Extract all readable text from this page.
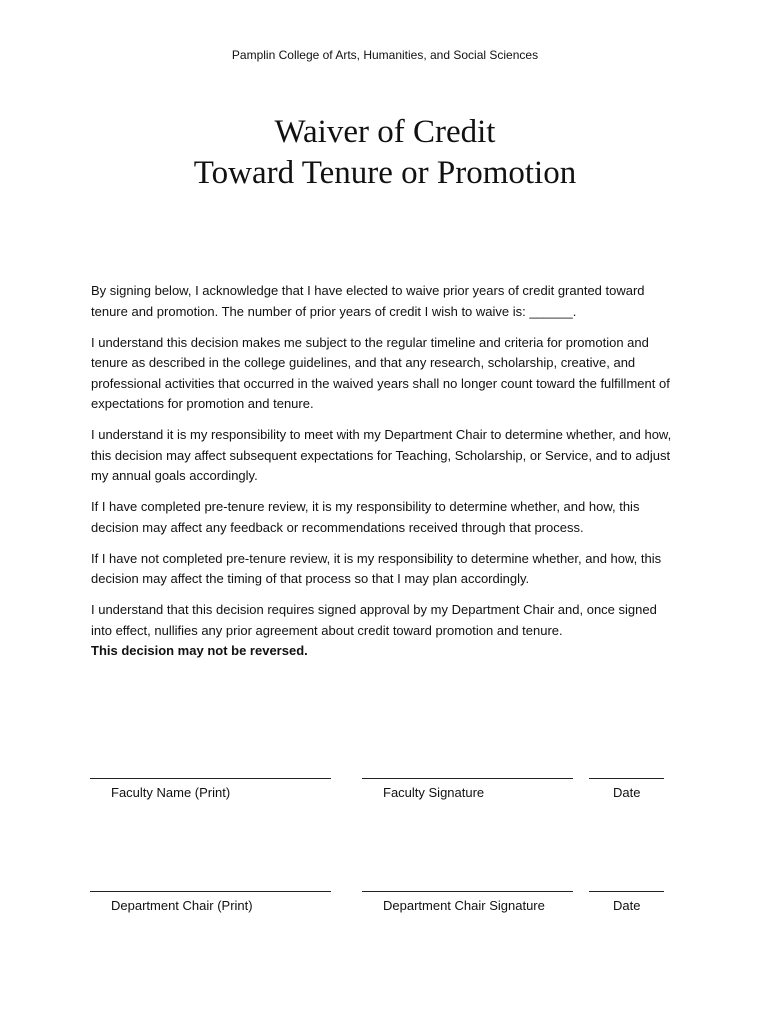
Pamplin College of Arts, Humanities, and Social Sciences
Waiver of Credit
Toward Tenure or Promotion

By signing below, I acknowledge that I have elected to waive prior years of credit granted toward tenure and promotion. The number of prior years of credit I wish to waive is: ______.

I understand this decision makes me subject to the regular timeline and criteria for promotion and tenure as described in the college guidelines, and that any research, scholarship, creative, and professional activities that occurred in the waived years shall no longer count toward the fulfillment of expectations for promotion and tenure.

I understand it is my responsibility to meet with my Department Chair to determine whether, and how, this decision may affect subsequent expectations for Teaching, Scholarship, or Service, and to adjust my annual goals accordingly.

If I have completed pre-tenure review, it is my responsibility to determine whether, and how, this decision may affect any feedback or recommendations received through that process.

If I have not completed pre-tenure review, it is my responsibility to determine whether, and how, this decision may affect the timing of that process so that I may plan accordingly.

I understand that this decision requires signed approval by my Department Chair and, once signed into effect, nullifies any prior agreement about credit toward promotion and tenure.
This decision may not be reversed.

Faculty Name (Print)	Faculty Signature	Date
Department Chair (Print)	Department Chair Signature	Date
